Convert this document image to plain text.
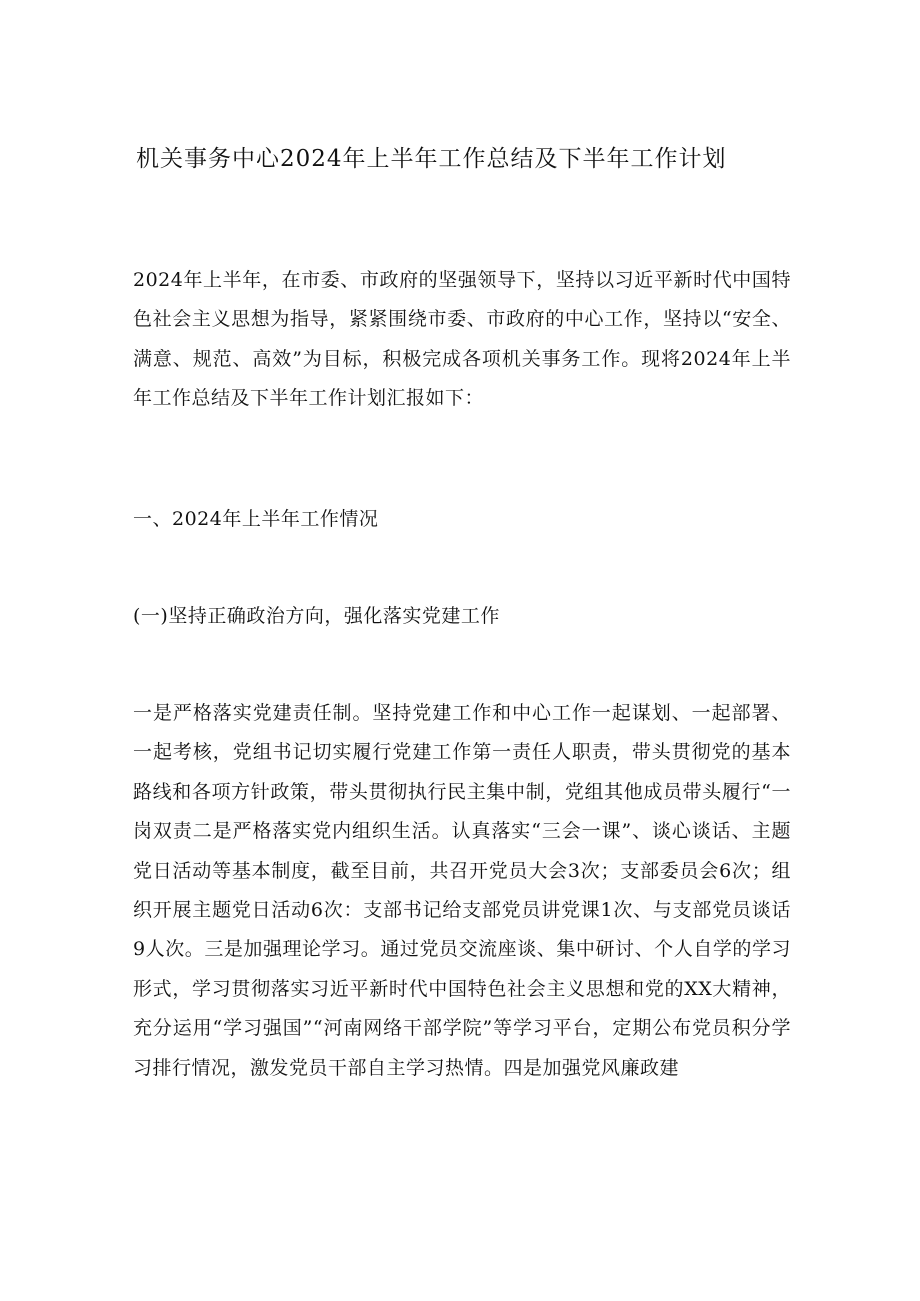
机关事务中心2024年上半年工作总结及下半年工作计划

2024年上半年，在市委、市政府的坚强领导下，坚持以习近平新时代中国特色社会主义思想为指导，紧紧围绕市委、市政府的中心工作，坚持以“安全、满意、规范、高效”为目标，积极完成各项机关事务工作。现将2024年上半年工作总结及下半年工作计划汇报如下：

一、2024年上半年工作情况

(一)坚持正确政治方向，强化落实党建工作

一是严格落实党建责任制。坚持党建工作和中心工作一起谋划、一起部署、一起考核，党组书记切实履行党建工作第一责任人职责，带头贯彻党的基本路线和各项方针政策，带头贯彻执行民主集中制，党组其他成员带头履行“一岗双责二是严格落实党内组织生活。认真落实“三会一课”、谈心谈话、主题党日活动等基本制度，截至目前，共召开党员大会3次；支部委员会6次；组织开展主题党日活动6次：支部书记给支部党员讲党课1次、与支部党员谈话9人次。三是加强理论学习。通过党员交流座谈、集中研讨、个人自学的学习形式，学习贯彻落实习近平新时代中国特色社会主义思想和党的XX大精神，充分运用“学习强国”“河南网络干部学院”等学习平台，定期公布党员积分学习排行情况，激发党员干部自主学习热情。四是加强党风廉政建
